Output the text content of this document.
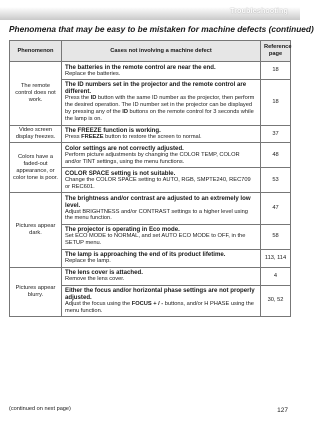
Troubleshooting
Phenomena that may be easy to be mistaken for machine defects (continued)
Phenomenon	Cases not involving a machine defect	Reference page
The remote control does not work.	The batteries in the remote control are near the end.
Replace the batteries.	18

	The ID numbers set in the projector and the remote control are different.
Press the ID button with the same ID number as the projector, then perform the desired operation. The ID number set in the projector can be displayed by pressing any of the ID buttons on the remote control for 3 seconds while the lamp is on.	18
Video screen display freezes.	The FREEZE function is working.
Press FREEZE button to restore the screen to normal.	37
Colors have a faded-out appearance, or color tone is poor.	Color settings are not correctly adjusted.
Perform picture adjustments by changing the COLOR TEMP, COLOR and/or TINT settings, using the menu functions.	48

	COLOR SPACE setting is not suitable.
Change the COLOR SPACE setting to AUTO, RGB, SMPTE240, REC709 or REC601.	53
Pictures appear dark.	The brightness and/or contrast are adjusted to an extremely low level.
Adjust BRIGHTNESS and/or CONTRAST settings to a higher level using the menu function.	47

	The projector is operating in Eco mode.
Set ECO MODE to NORMAL, and set AUTO ECO MODE to OFF, in the SETUP menu.	58

	The lamp is approaching the end of its product lifetime.
Replace the lamp.	113, 114
Pictures appear blurry.	The lens cover is attached.
Remove the lens cover.	4

	Either the focus and/or horizontal phase settings are not properly adjusted.
Adjust the focus using the FOCUS + / - buttons, and/or H PHASE using the menu function.	30, 52
(continued on next page)	127
